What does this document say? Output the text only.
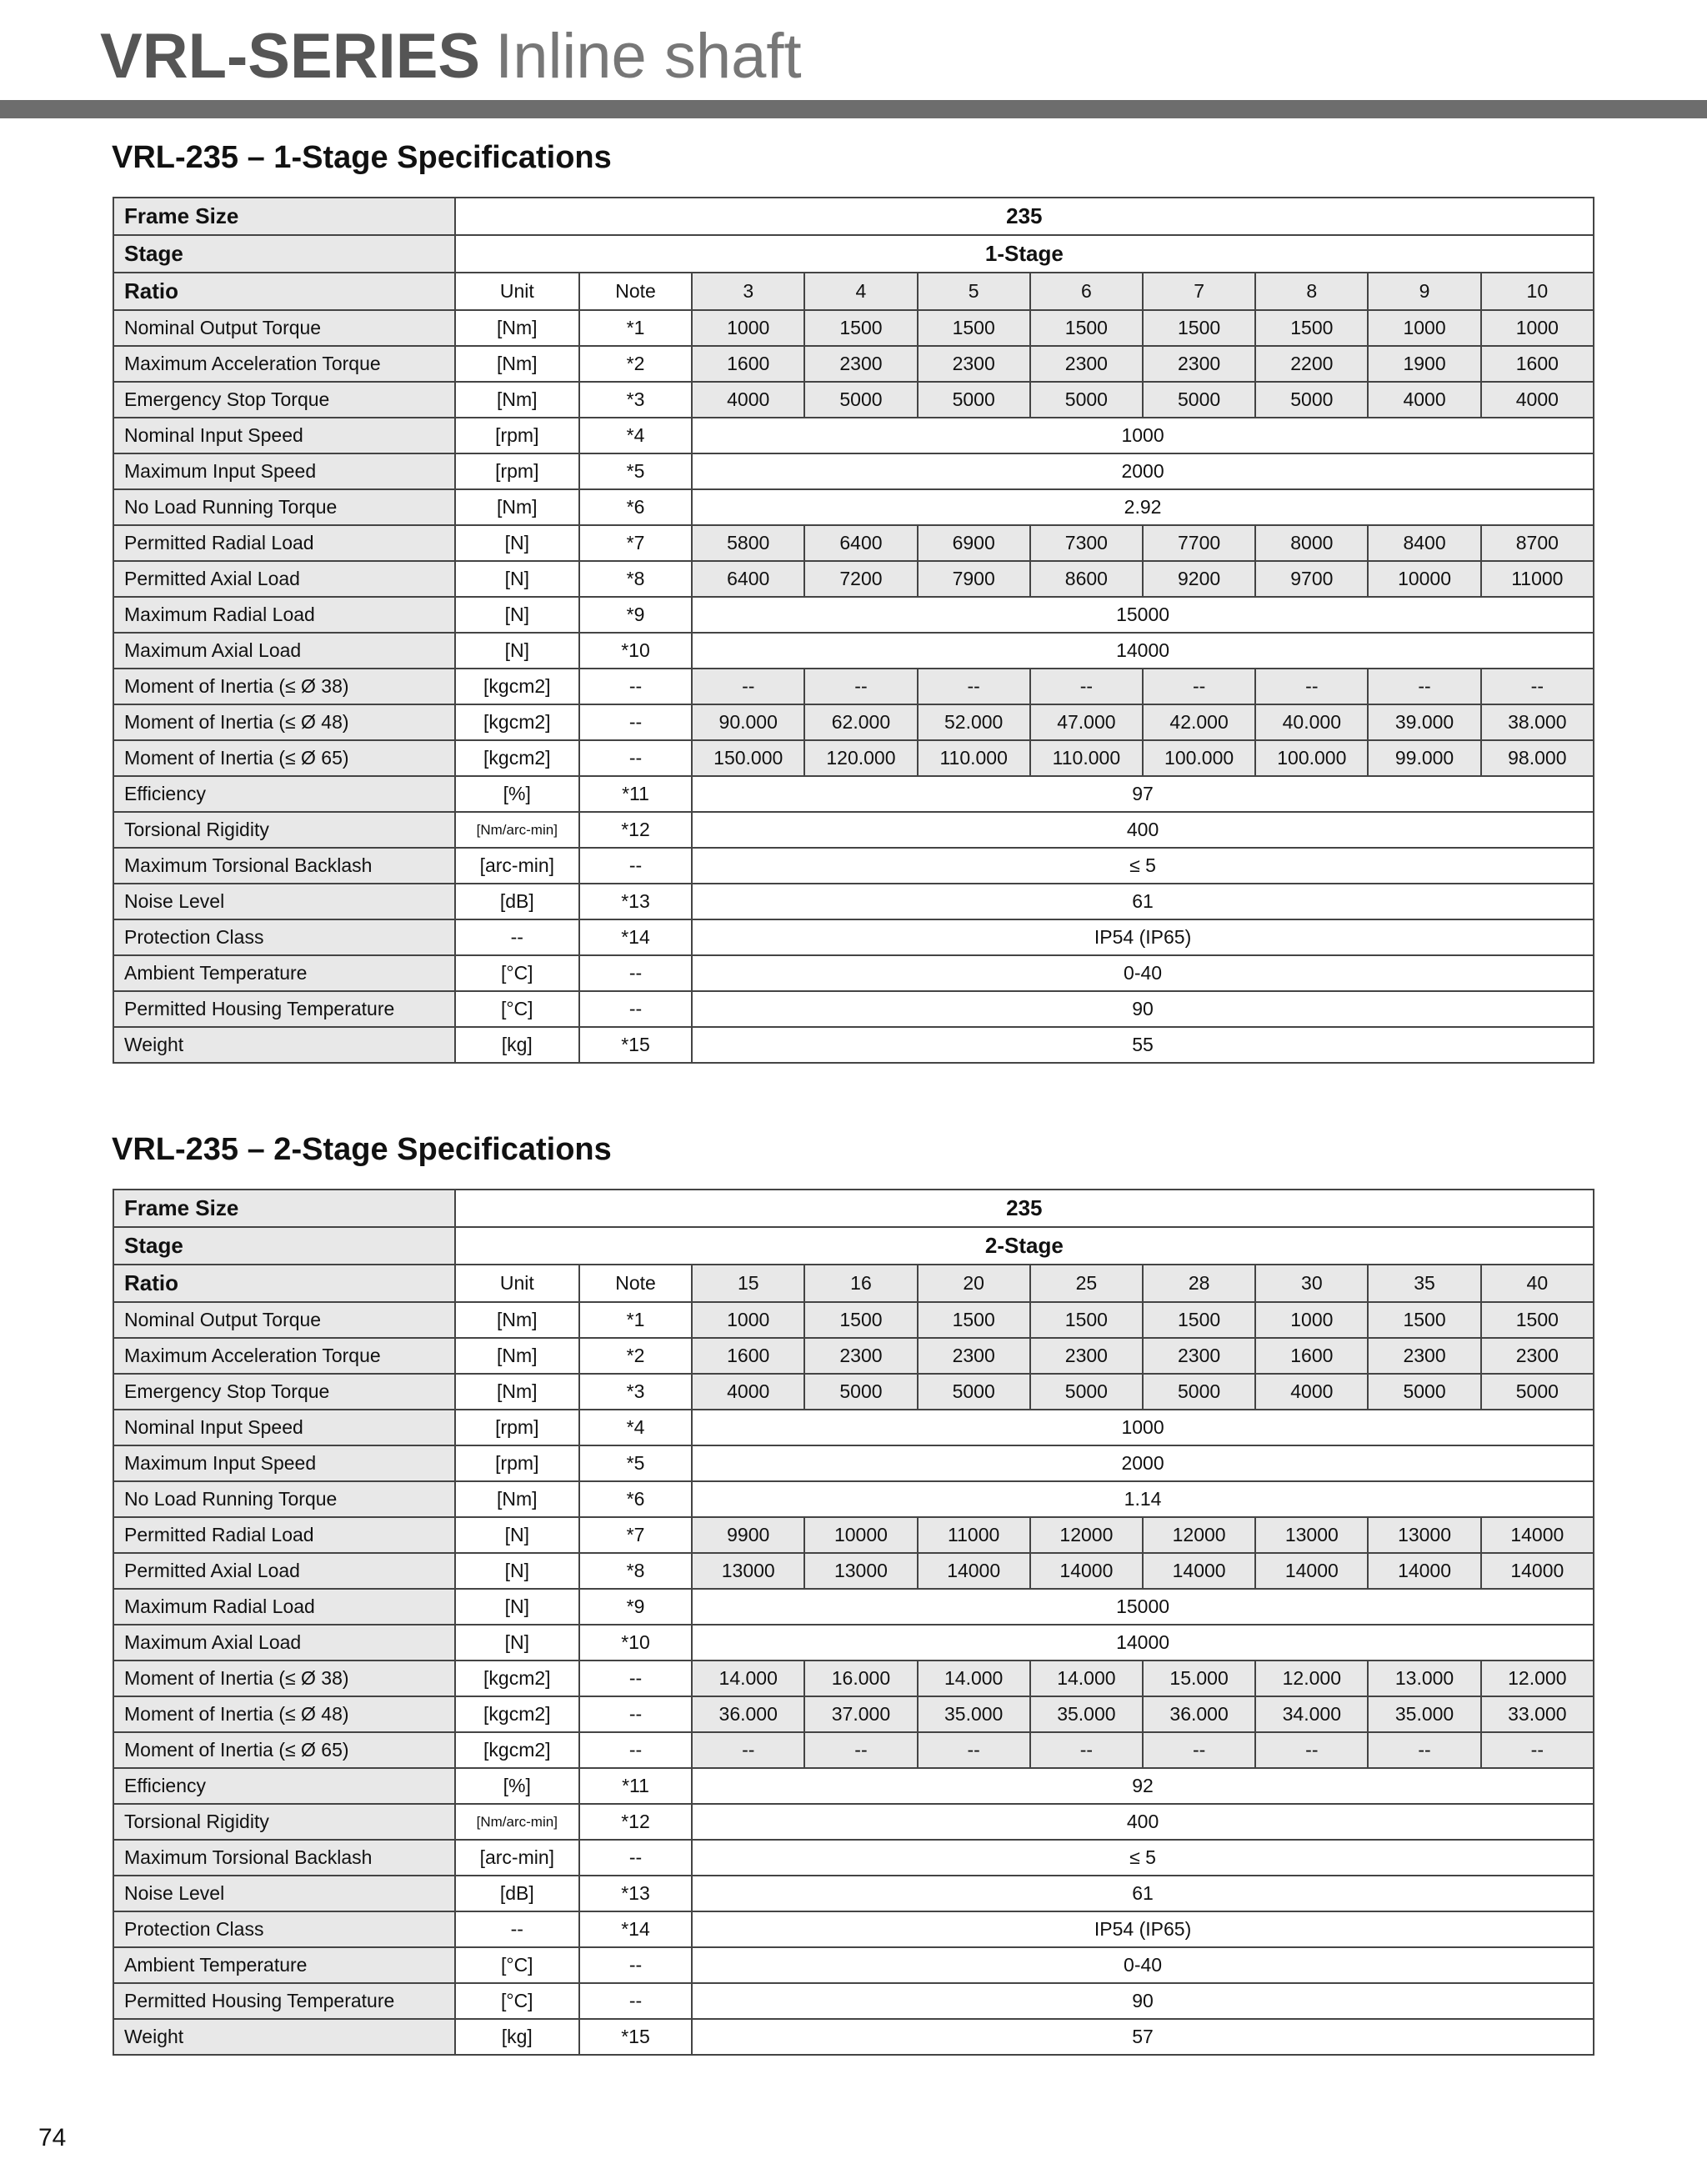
VRL-SERIES Inline shaft
VRL-235 – 1-Stage Specifications
Frame Size	235									
Stage	1-Stage									
Ratio	Unit	Note	3	4	5	6	7	8	9	10
Nominal Output Torque	[Nm]	*1	1000	1500	1500	1500	1500	1500	1000	1000
Maximum Acceleration Torque	[Nm]	*2	1600	2300	2300	2300	2300	2200	1900	1600
Emergency Stop Torque	[Nm]	*3	4000	5000	5000	5000	5000	5000	4000	4000
Nominal Input Speed	[rpm]	*4	1000							
Maximum Input Speed	[rpm]	*5	2000							
No Load Running Torque	[Nm]	*6	2.92							
Permitted Radial Load	[N]	*7	5800	6400	6900	7300	7700	8000	8400	8700
Permitted Axial Load	[N]	*8	6400	7200	7900	8600	9200	9700	10000	11000
Maximum Radial Load	[N]	*9	15000							
Maximum Axial Load	[N]	*10	14000							
Moment of Inertia (≤ Ø 38)	[kgcm2]	--	--	--	--	--	--	--	--	--
Moment of Inertia (≤ Ø 48)	[kgcm2]	--	90.000	62.000	52.000	47.000	42.000	40.000	39.000	38.000
Moment of Inertia (≤ Ø 65)	[kgcm2]	--	150.000	120.000	110.000	110.000	100.000	100.000	99.000	98.000
Efficiency	[%]	*11	97							
Torsional Rigidity	[Nm/arc-min]	*12	400							
Maximum Torsional Backlash	[arc-min]	--	≤ 5							
Noise Level	[dB]	*13	61							
Protection Class	--	*14	IP54 (IP65)							
Ambient Temperature	[°C]	--	0-40							
Permitted Housing Temperature	[°C]	--	90							
Weight	[kg]	*15	55							
VRL-235 – 2-Stage Specifications
Frame Size	235									
Stage	2-Stage									
Ratio	Unit	Note	15	16	20	25	28	30	35	40
Nominal Output Torque	[Nm]	*1	1000	1500	1500	1500	1500	1000	1500	1500
Maximum Acceleration Torque	[Nm]	*2	1600	2300	2300	2300	2300	1600	2300	2300
Emergency Stop Torque	[Nm]	*3	4000	5000	5000	5000	5000	4000	5000	5000
Nominal Input Speed	[rpm]	*4	1000							
Maximum Input Speed	[rpm]	*5	2000							
No Load Running Torque	[Nm]	*6	1.14							
Permitted Radial Load	[N]	*7	9900	10000	11000	12000	12000	13000	13000	14000
Permitted Axial Load	[N]	*8	13000	13000	14000	14000	14000	14000	14000	14000
Maximum Radial Load	[N]	*9	15000							
Maximum Axial Load	[N]	*10	14000							
Moment of Inertia (≤ Ø 38)	[kgcm2]	--	14.000	16.000	14.000	14.000	15.000	12.000	13.000	12.000
Moment of Inertia (≤ Ø 48)	[kgcm2]	--	36.000	37.000	35.000	35.000	36.000	34.000	35.000	33.000
Moment of Inertia (≤ Ø 65)	[kgcm2]	--	--	--	--	--	--	--	--	--
Efficiency	[%]	*11	92							
Torsional Rigidity	[Nm/arc-min]	*12	400							
Maximum Torsional Backlash	[arc-min]	--	≤ 5							
Noise Level	[dB]	*13	61							
Protection Class	--	*14	IP54 (IP65)							
Ambient Temperature	[°C]	--	0-40							
Permitted Housing Temperature	[°C]	--	90							
Weight	[kg]	*15	57							
74
